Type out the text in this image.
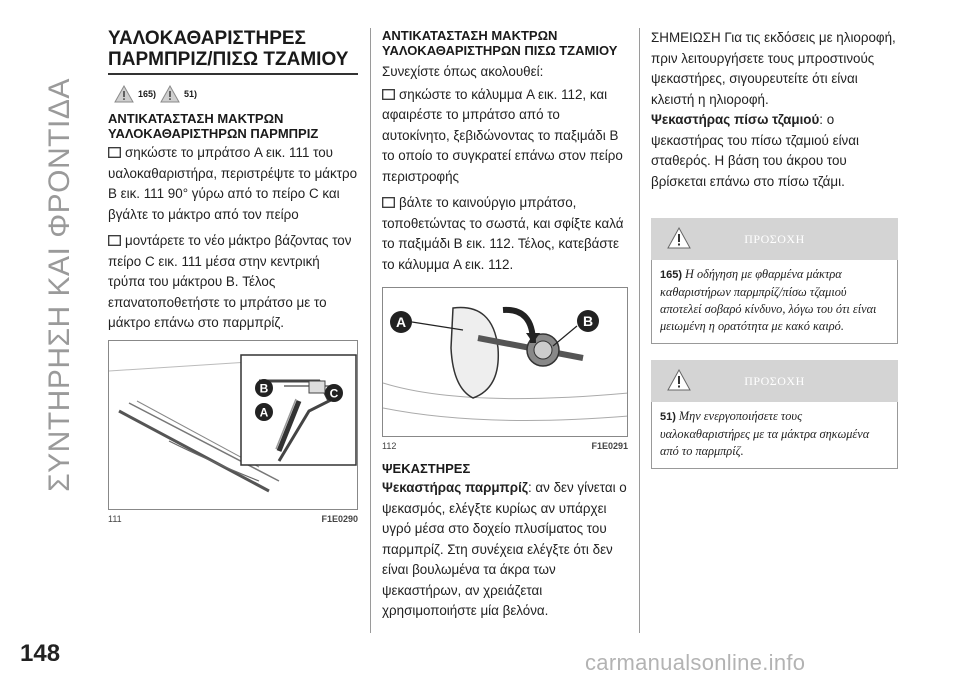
ΣΥΝΤΗΡΗΣΗ ΚΑΙ ΦΡΟΝΤΙΔΑ
148	carmanualsonline.info
ΥΑΛΟΚΑΘΑΡΙΣΤΗΡΕΣ ΠΑΡΜΠΡΙΖ/ΠΙΣΩ ΤΖΑΜΙΟΥ
165)	51)
ΑΝΤΙΚΑΤΑΣΤΑΣΗ ΜΑΚΤΡΩΝ ΥΑΛΟΚΑΘΑΡΙΣΤΗΡΩΝ ΠΑΡΜΠΡΙΖ
σηκώστε το μπράτσο A εικ. 111 του υαλοκαθαριστήρα, περιστρέψτε το μάκτρο B εικ. 111 90° γύρω από το πείρο C και βγάλτε το μάκτρο από τον πείρο
μοντάρετε το νέο μάκτρο βάζοντας τον πείρο C εικ. 111 μέσα στην κεντρική τρύπα του μάκτρου B. Τέλος επανατοποθετήστε το μπράτσο με το μάκτρο επάνω στο παρμπρίζ.
B
A
C
111	F1E0290
ΑΝΤΙΚΑΤΑΣΤΑΣΗ ΜΑΚΤΡΩΝ ΥΑΛΟΚΑΘΑΡΙΣΤΗΡΩΝ ΠΙΣΩ ΤΖΑΜΙΟΥ
Συνεχίστε όπως ακολουθεί:
σηκώστε το κάλυμμα A εικ. 112, και αφαιρέστε το μπράτσο από το αυτοκίνητο, ξεβιδώνοντας το παξιμάδι B το οποίο το συγκρατεί επάνω στον πείρο περιστροφής
βάλτε το καινούργιο μπράτσο, τοποθετώντας το σωστά, και σφίξτε καλά το παξιμάδι B εικ. 112. Τέλος, κατεβάστε το κάλυμμα A εικ. 112.
A	B
112	F1E0291
ΨΕΚΑΣΤΗΡΕΣ
Ψεκαστήρας παρμπρίζ: αν δεν γίνεται ο ψεκασμός, ελέγξτε κυρίως αν υπάρχει υγρό μέσα στο δοχείο πλυσίματος του παρμπρίζ. Στη συνέχεια ελέγξτε ότι δεν είναι βουλωμένα τα άκρα των ψεκαστήρων, αν χρειάζεται χρησιμοποιήστε μία βελόνα.
ΣΗΜΕΙΩΣΗ Για τις εκδόσεις με ηλιοροφή, πριν λειτουργήσετε τους μπροστινούς ψεκαστήρες, σιγουρευτείτε ότι είναι κλειστή η ηλιοροφή.
Ψεκαστήρας πίσω τζαμιού: ο ψεκαστήρας του πίσω τζαμιού είναι σταθερός. Η βάση του άκρου του βρίσκεται επάνω στο πίσω τζάμι.
ΠΡΟΣΟΧΗ
165) Η οδήγηση με φθαρμένα μάκτρα καθαριστήρων παρμπρίζ/πίσω τζαμιού αποτελεί σοβαρό κίνδυνο, λόγω του ότι είναι μειωμένη η ορατότητα με κακό καιρό.
ΠΡΟΣΟΧΗ
51) Μην ενεργοποιήσετε τους υαλοκαθαριστήρες με τα μάκτρα σηκωμένα από το παρμπρίζ.
